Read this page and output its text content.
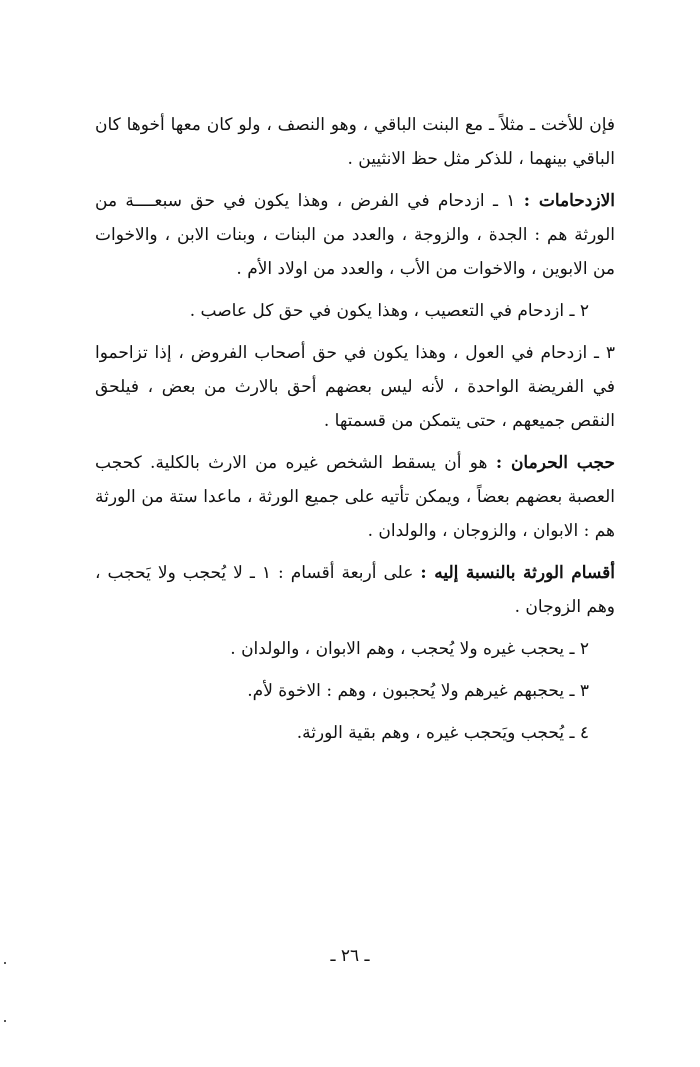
فإن للأخت ـ مثلاً ـ مع البنت الباقي ، وهو النصف ، ولو كان معها أخوها كان الباقي بينهما ، للذكر مثل حظ الانثيين .

الازدحامات : ١ ـ ازدحام في الفرض ، وهذا يكون في حق سبعــــة من الورثة هم : الجدة ، والزوجة ، والعدد من البنات ، وبنات الابن ، والاخوات من الابوين ، والاخوات من الأب ، والعدد من اولاد الأم .

٢ ـ ازدحام في التعصيب ، وهذا يكون في حق كل عاصب .

٣ ـ ازدحام في العول ، وهذا يكون في حق أصحاب الفروض ، إذا تزاحموا في الفريضة الواحدة ، لأنه ليس بعضهم أحق بالارث من بعض ، فيلحق النقص جميعهم ، حتى يتمكن من قسمتها .

حجب الحرمان : هو أن يسقط الشخص غيره من الارث بالكلية. كحجب العصبة بعضهم بعضاً ، ويمكن تأتيه على جميع الورثة ، ماعدا ستة من الورثة هم : الابوان ، والزوجان ، والولدان .

أقسام الورثة بالنسبة إليه : على أربعة أقسام : ١ ـ لا يُحجب ولا يَحجب ، وهم الزوجان .

٢ ـ يحجب غيره ولا يُحجب ، وهم الابوان ، والولدان .

٣ ـ يحجبهم غيرهم ولا يُحجبون ، وهم : الاخوة لأم.

٤ ـ يُحجب ويَحجب غيره ، وهم بقية الورثة.

ـ ٢٦ ـ
